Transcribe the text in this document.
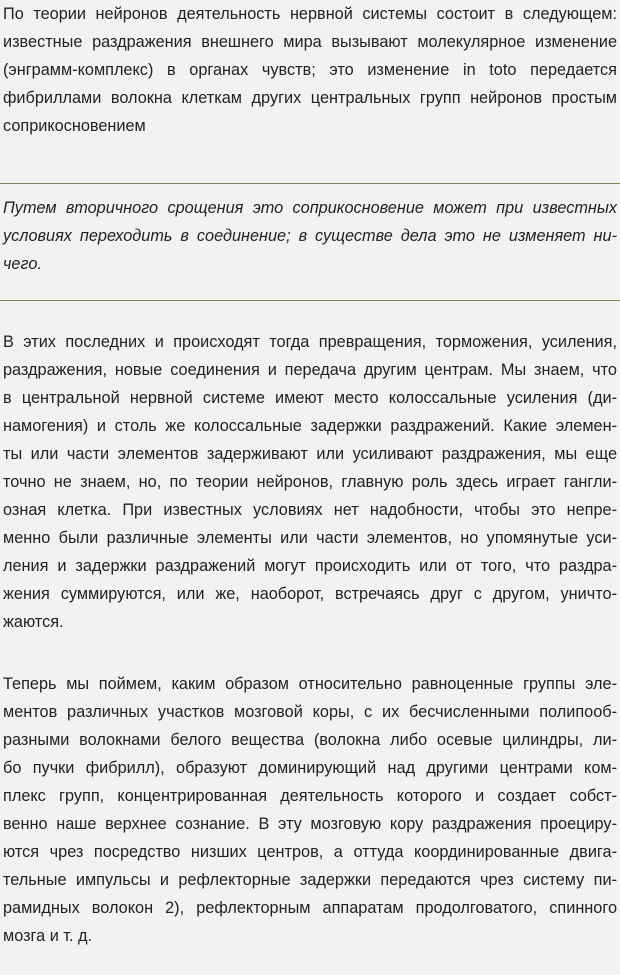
По теории нейронов деятельность нервной системы состоит в следующем:
известные раздражения внешнего мира вызывают молекулярное изменение
(энграмм-комплекс) в органах чувств; это изменение in toto передается
фибриллами волокна клеткам других центральных групп нейронов простым
соприкосновением

Путем вторичного срощения это соприкосновение может при известных
условиях переходить в соединение; в существе дела это не изменяет ни-
чего.

В этих последних и происходят тогда превращения, торможения, усиления,
раздражения, новые соединения и передача другим центрам. Мы знаем, что
в центральной нервной системе имеют место колоссальные усиления (ди-
намогения) и столь же колоссальные задержки раздражений. Какие элемен-
ты или части элементов задерживают или усиливают раздражения, мы еще
точно не знаем, но, по теории нейронов, главную роль здесь играет гангли-
озная клетка. При известных условиях нет надобности, чтобы это непре-
менно были различные элементы или части элементов, но упомянутые уси-
ления и задержки раздражений могут происходить или от того, что раздра-
жения суммируются, или же, наоборот, встречаясь друг с другом, уничто-
жаются.

Теперь мы поймем, каким образом относительно равноценные группы эле-
ментов различных участков мозговой коры, с их бесчисленными полипооб-
разными волокнами белого вещества (волокна либо осевые цилиндры, ли-
бо пучки фибрилл), образуют доминирующий над другими центрами ком-
плекс групп, концентрированная деятельность которого и создает собст-
венно наше верхнее сознание. В эту мозговую кору раздражения проециру-
ются чрез посредство низших центров, а оттуда координированные двига-
тельные импульсы и рефлекторные задержки передаются чрез систему пи-
рамидных волокон 2), рефлекторным аппаратам продолговатого, спинного
мозга и т. д.
